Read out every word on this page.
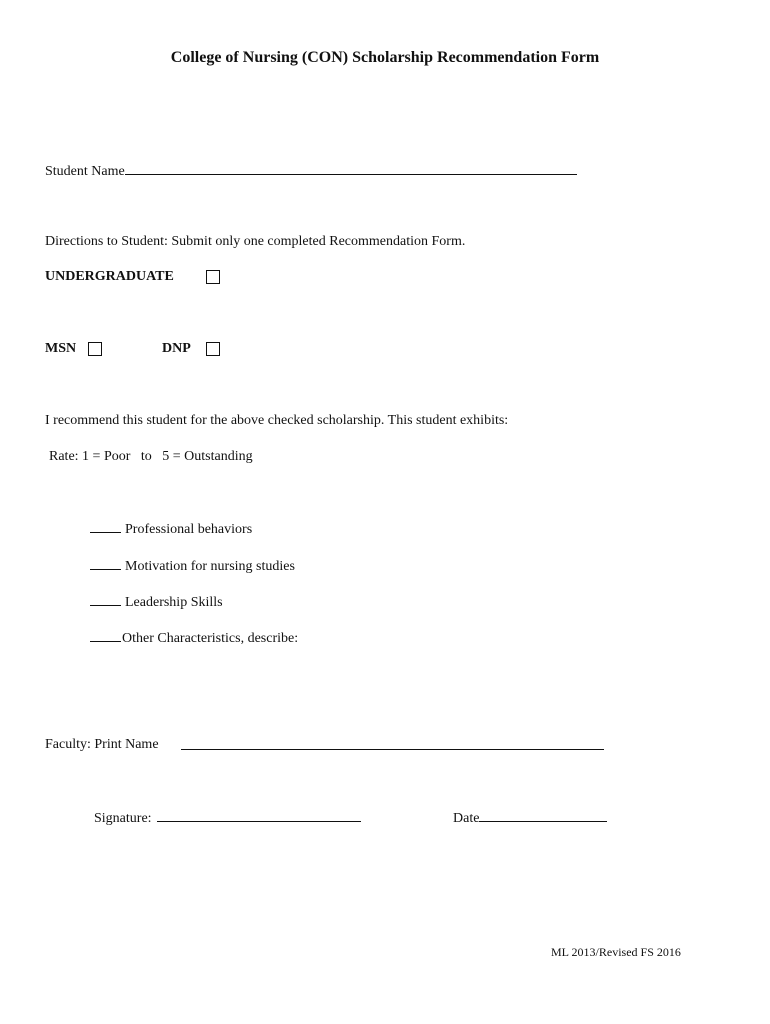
College of Nursing (CON) Scholarship Recommendation Form
Student Name
Directions to Student: Submit only one completed Recommendation Form.
UNDERGRADUATE
MSN	DNP
I recommend this student for the above checked scholarship. This student exhibits:
Rate: 1 = Poor   to   5 = Outstanding
Professional behaviors
Motivation for nursing studies
Leadership Skills
Other Characteristics, describe:
Faculty: Print Name
Signature:	Date
ML 2013/Revised FS 2016
